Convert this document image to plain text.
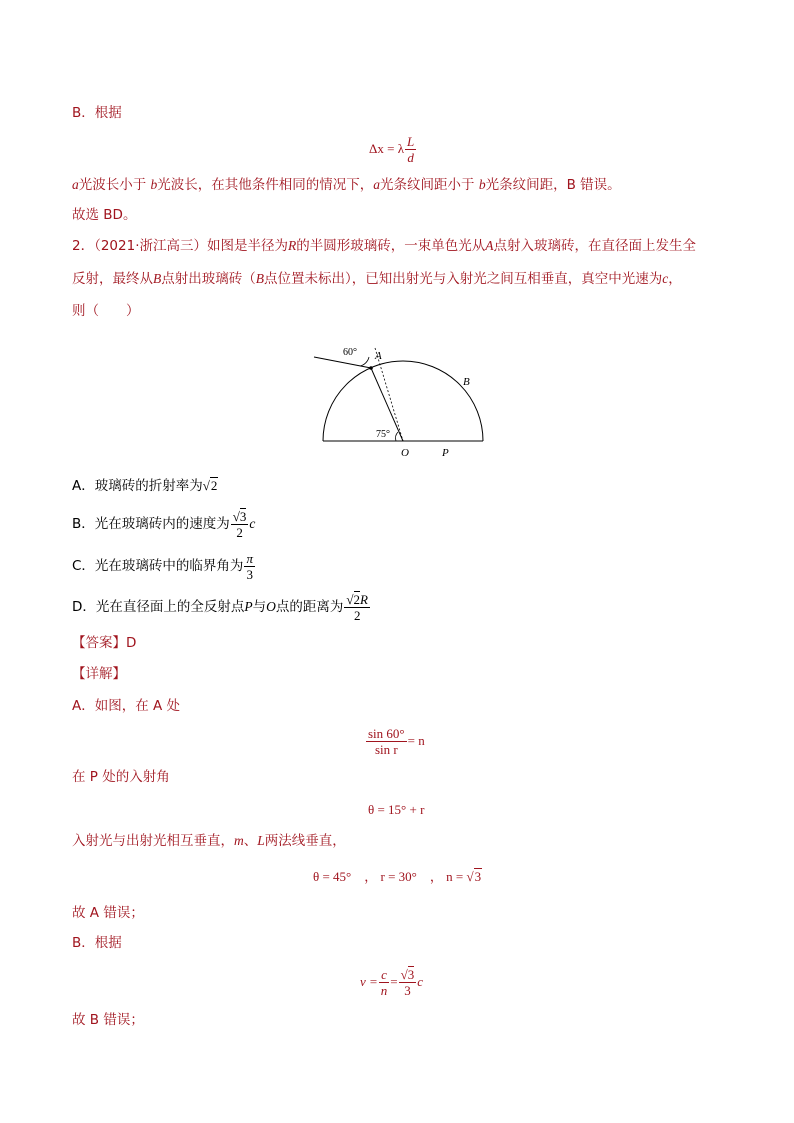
B．根据
Δx = λ $\frac{L}{d}$
a光波长小于 b光波长，在其他条件相同的情况下，a光条纹间距小于 b光条纹间距，B 错误。
故选 BD。
2．（2021·浙江高三）如图是半径为R的半圆形玻璃砖，一束单色光从A点射入玻璃砖，在直径面上发生全
反射，最终从B点射出玻璃砖（B点位置未标出），已知出射光与入射光之间互相垂直，真空中光速为c，
则（　　）
60° A
B
75°
O	P
A．玻璃砖的折射率为√2
B．光在玻璃砖内的速度为 $\frac{√3}{2}$ c
C．光在玻璃砖中的临界角为 $\frac{\pi}{3}$
D．光在直径面上的全反射点 P 与 O 点的距离为 $\frac{√2R}{2}$
【答案】D
【详解】
A．如图，在 A 处
$\frac{\sin 60^\circ}{\text{sin r}} = n$
在 P 处的入射角
θ = 15° + r
入射光与出射光相互垂直，m、L两法线垂直，
θ = 45°　， r = 30°　， n = √3
故 A 错误；
B．根据
$v = \frac{c}{n} = \frac{√3}{3}$ c
故 B 错误；
